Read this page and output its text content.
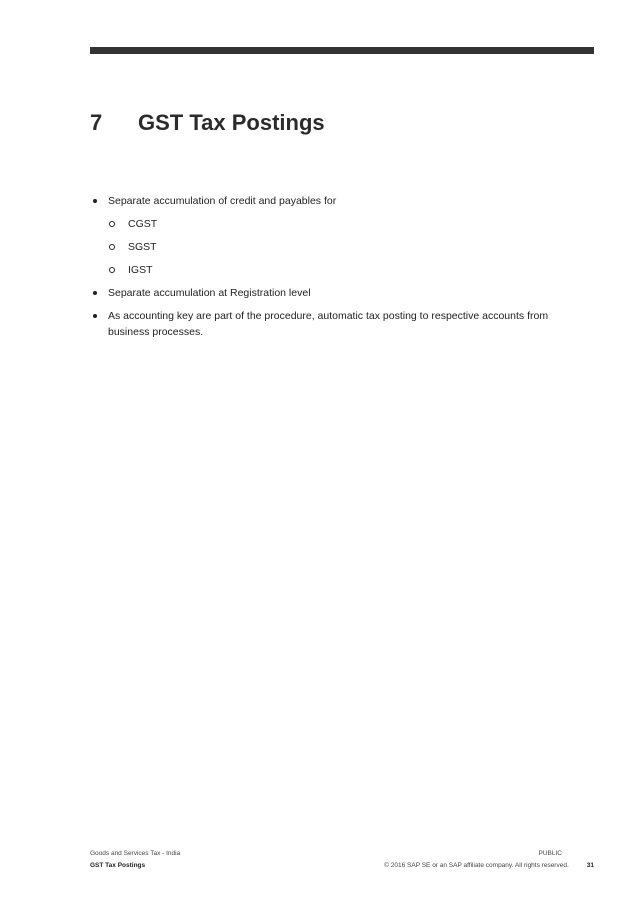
7 GST Tax Postings
Separate accumulation of credit and payables for
CGST
SGST
IGST
Separate accumulation at Registration level
As accounting key are part of the procedure, automatic tax posting to respective accounts from business processes.
Goods and Services Tax - India	PUBLIC
GST Tax Postings	© 2016 SAP SE or an SAP affiliate company. All rights reserved.	31
